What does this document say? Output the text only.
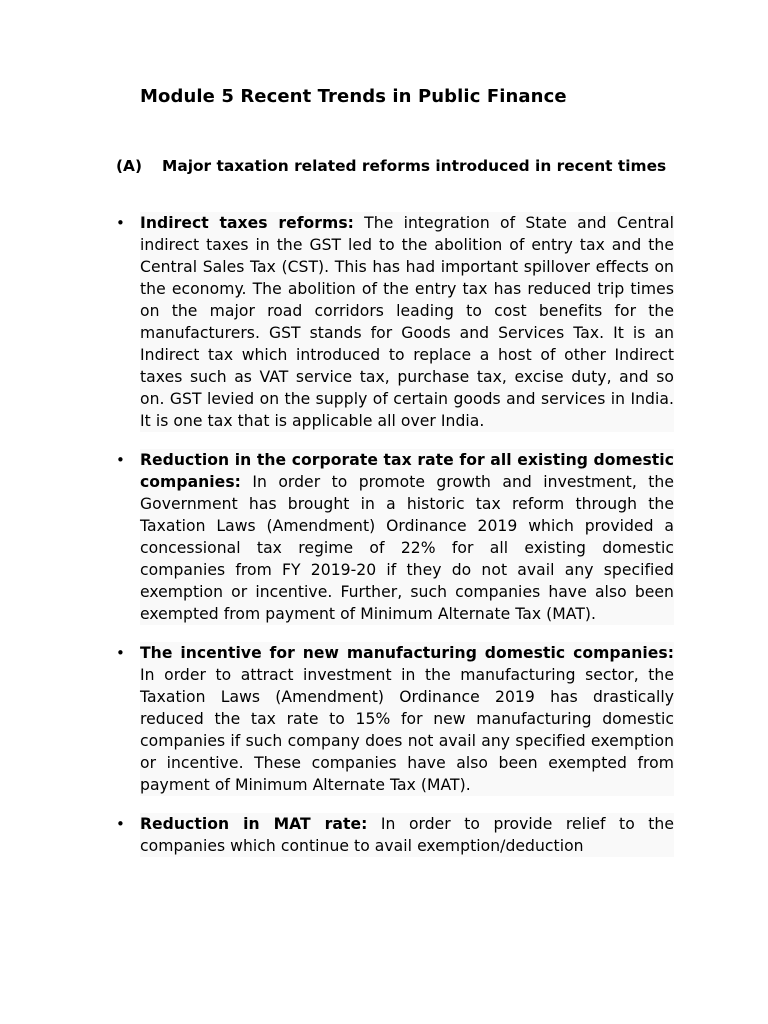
Module 5 Recent Trends in Public Finance
(A)	Major taxation related reforms introduced in recent times
• Indirect taxes reforms: The integration of State and Central indirect taxes in the GST led to the abolition of entry tax and the Central Sales Tax (CST). This has had important spillover effects on the economy. The abolition of the entry tax has reduced trip times on the major road corridors leading to cost benefits for the manufacturers. GST stands for Goods and Services Tax. It is an Indirect tax which introduced to replace a host of other Indirect taxes such as VAT service tax, purchase tax, excise duty, and so on. GST levied on the supply of certain goods and services in India. It is one tax that is applicable all over India.
• Reduction in the corporate tax rate for all existing domestic companies: In order to promote growth and investment, the Government has brought in a historic tax reform through the Taxation Laws (Amendment) Ordinance 2019 which provided a concessional tax regime of 22% for all existing domestic companies from FY 2019-20 if they do not avail any specified exemption or incentive. Further, such companies have also been exempted from payment of Minimum Alternate Tax (MAT).
• The incentive for new manufacturing domestic companies: In order to attract investment in the manufacturing sector, the Taxation Laws (Amendment) Ordinance 2019 has drastically reduced the tax rate to 15% for new manufacturing domestic companies if such company does not avail any specified exemption or incentive. These companies have also been exempted from payment of Minimum Alternate Tax (MAT).
• Reduction in MAT rate: In order to provide relief to the companies which continue to avail exemption/deduction
